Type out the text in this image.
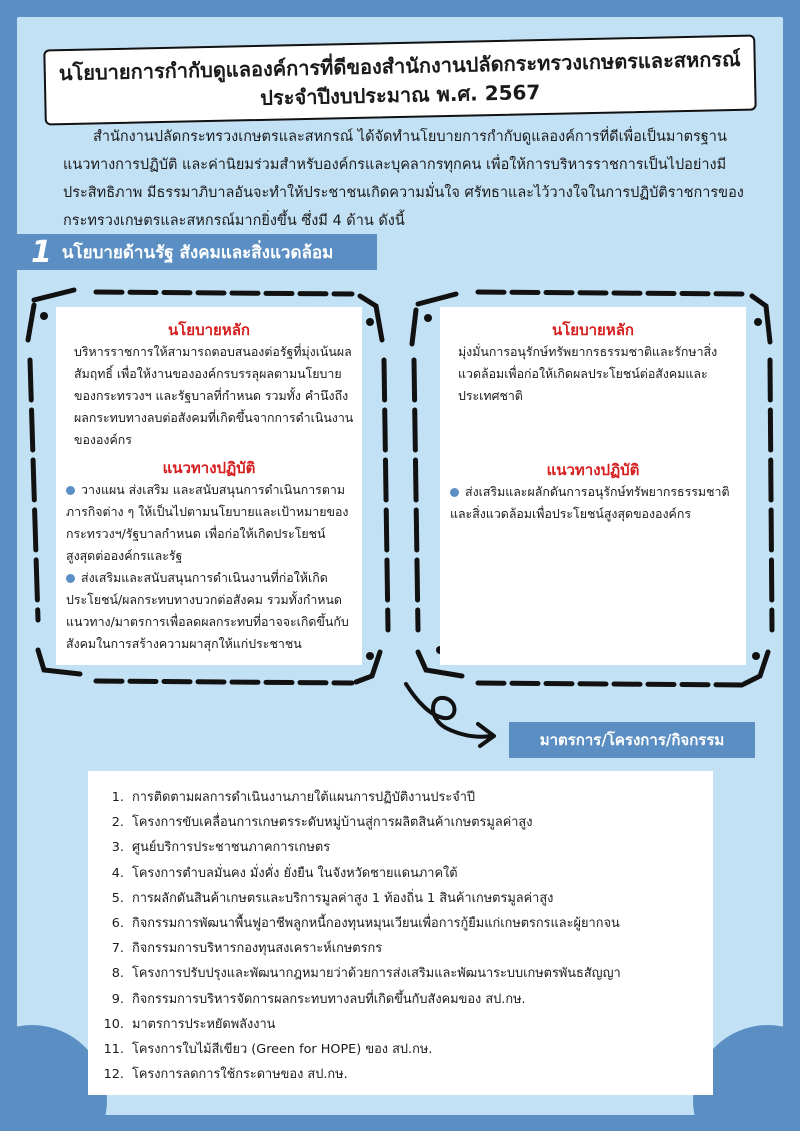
นโยบายการกำกับดูแลองค์การที่ดีของสำนักงานปลัดกระทรวงเกษตรและสหกรณ์
ประจำปีงบประมาณ พ.ศ. 2567
สำนักงานปลัดกระทรวงเกษตรและสหกรณ์ ได้จัดทำนโยบายการกำกับดูแลองค์การที่ดีเพื่อเป็นมาตรฐาน แนวทางการปฏิบัติ และค่านิยมร่วมสำหรับองค์กรและบุคลากรทุกคน เพื่อให้การบริหารราชการเป็นไปอย่างมีประสิทธิภาพ มีธรรมาภิบาลอันจะทำให้ประชาชนเกิดความมั่นใจ ศรัทธาและไว้วางใจในการปฏิบัติราชการของกระทรวงเกษตรและสหกรณ์มากยิ่งขึ้น ซึ่งมี 4 ด้าน ดังนี้
1 นโยบายด้านรัฐ สังคมและสิ่งแวดล้อม
นโยบายหลัก

บริหารราชการให้สามารถตอบสนองต่อรัฐที่มุ่งเน้นผลสัมฤทธิ์ เพื่อให้งานขององค์กรบรรลุผลตามนโยบายของกระทรวงฯ และรัฐบาลที่กำหนด รวมทั้ง คำนึงถึงผลกระทบทางลบต่อสังคมที่เกิดขึ้นจากการดำเนินงานขององค์กร

แนวทางปฏิบัติ

วางแผน ส่งเสริม และสนับสนุนการดำเนินการตามภารกิจต่าง ๆ ให้เป็นไปตามนโยบายและเป้าหมายของกระทรวงฯ/รัฐบาลกำหนด เพื่อก่อให้เกิดประโยชน์สูงสุดต่อองค์กรและรัฐ

ส่งเสริมและสนับสนุนการดำเนินงานที่ก่อให้เกิดประโยชน์/ผลกระทบทางบวกต่อสังคม รวมทั้งกำหนดแนวทาง/มาตรการเพื่อลดผลกระทบที่อาจจะเกิดขึ้นกับสังคมในการสร้างความผาสุกให้แก่ประชาชน

นโยบายหลัก

มุ่งมั่นการอนุรักษ์ทรัพยากรธรรมชาติและรักษาสิ่งแวดล้อมเพื่อก่อให้เกิดผลประโยชน์ต่อสังคมและประเทศชาติ

แนวทางปฏิบัติ

ส่งเสริมและผลักดันการอนุรักษ์ทรัพยากรธรรมชาติและสิ่งแวดล้อมเพื่อประโยชน์สูงสุดขององค์กร

มาตรการ/โครงการ/กิจกรรม
1. การติดตามผลการดำเนินงานภายใต้แผนการปฏิบัติงานประจำปี
2. โครงการขับเคลื่อนการเกษตรระดับหมู่บ้านสู่การผลิตสินค้าเกษตรมูลค่าสูง
3. ศูนย์บริการประชาชนภาคการเกษตร
4. โครงการตำบลมั่นคง มั่งคั่ง ยั่งยืน ในจังหวัดชายแดนภาคใต้
5. การผลักดันสินค้าเกษตรและบริการมูลค่าสูง 1 ท้องถิ่น 1 สินค้าเกษตรมูลค่าสูง
6. กิจกรรมการพัฒนาพื้นฟูอาชีพลูกหนี้กองทุนหมุนเวียนเพื่อการกู้ยืมแก่เกษตรกรและผู้ยากจน
7. กิจกรรมการบริหารกองทุนสงเคราะห์เกษตรกร
8. โครงการปรับปรุงและพัฒนากฎหมายว่าด้วยการส่งเสริมและพัฒนาระบบเกษตรพันธสัญญา
9. กิจกรรมการบริหารจัดการผลกระทบทางลบที่เกิดขึ้นกับสังคมของ สป.กษ.
10. มาตรการประหยัดพลังงาน
11. โครงการใบไม้สีเขียว (Green for HOPE) ของ สป.กษ.
12. โครงการลดการใช้กระดาษของ สป.กษ.
